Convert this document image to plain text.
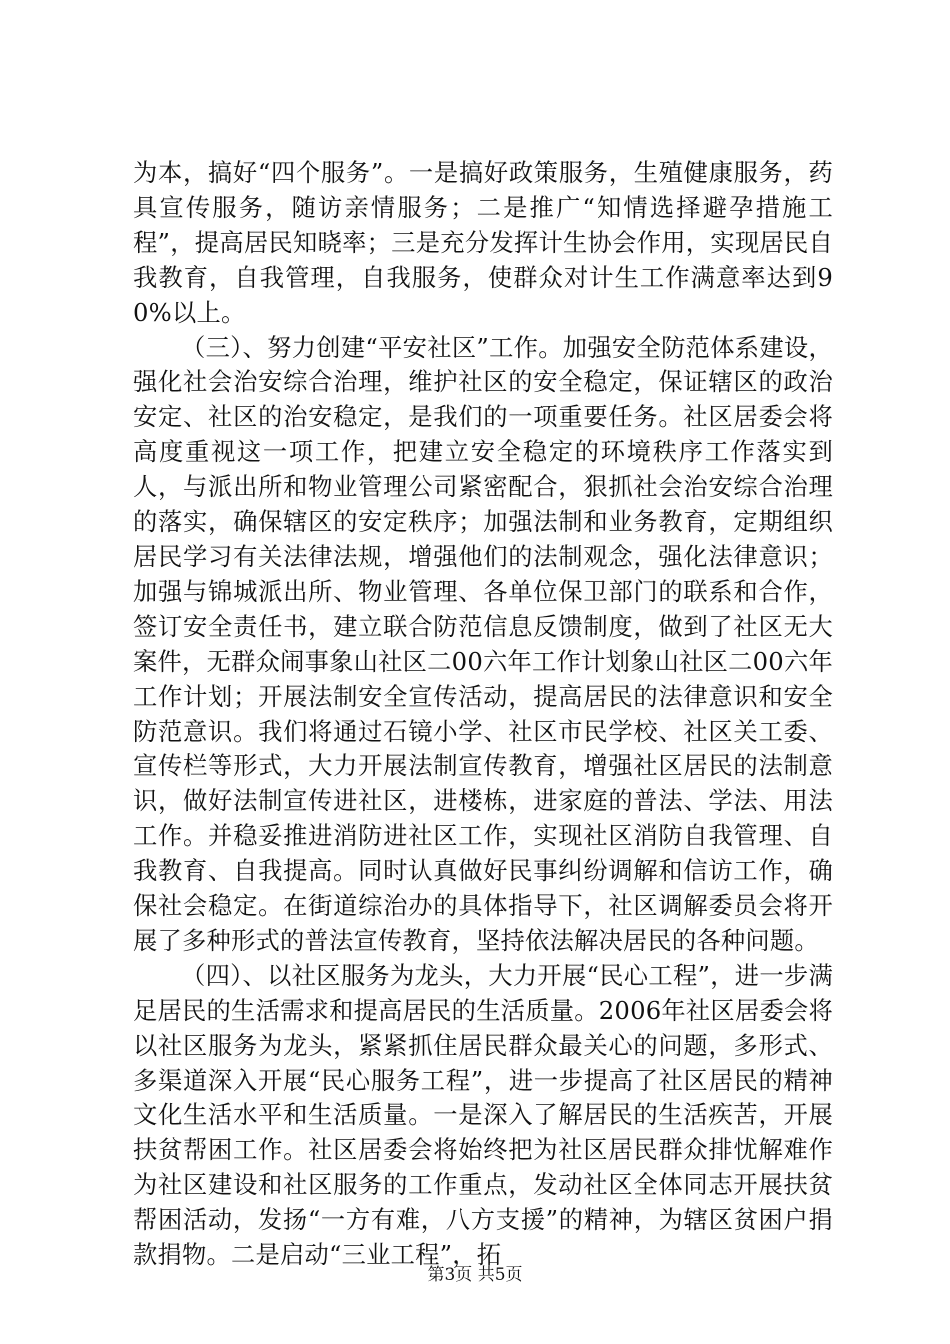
为本，搞好“四个服务”。一是搞好政策服务，生殖健康服务，药具宣传服务，随访亲情服务；二是推广“知情选择避孕措施工程”，提高居民知晓率；三是充分发挥计生协会作用，实现居民自我教育，自我管理，自我服务，使群众对计生工作满意率达到90%以上。

（三）、努力创建“平安社区”工作。加强安全防范体系建设，强化社会治安综合治理，维护社区的安全稳定，保证辖区的政治安定、社区的治安稳定，是我们的一项重要任务。社区居委会将高度重视这一项工作，把建立安全稳定的环境秩序工作落实到人，与派出所和物业管理公司紧密配合，狠抓社会治安综合治理的落实，确保辖区的安定秩序；加强法制和业务教育，定期组织居民学习有关法律法规，增强他们的法制观念，强化法律意识；加强与锦城派出所、物业管理、各单位保卫部门的联系和合作，签订安全责任书，建立联合防范信息反馈制度，做到了社区无大案件，无群众闹事象山社区二00六年工作计划象山社区二00六年工作计划；开展法制安全宣传活动，提高居民的法律意识和安全防范意识。我们将通过石镜小学、社区市民学校、社区关工委、宣传栏等形式，大力开展法制宣传教育，增强社区居民的法制意识，做好法制宣传进社区，进楼栋，进家庭的普法、学法、用法工作。并稳妥推进消防进社区工作，实现社区消防自我管理、自我教育、自我提高。同时认真做好民事纠纷调解和信访工作，确保社会稳定。在街道综治办的具体指导下，社区调解委员会将开展了多种形式的普法宣传教育，坚持依法解决居民的各种问题。

（四）、以社区服务为龙头，大力开展“民心工程”，进一步满足居民的生活需求和提高居民的生活质量。2006年社区居委会将以社区服务为龙头，紧紧抓住居民群众最关心的问题，多形式、多渠道深入开展“民心服务工程”，进一步提高了社区居民的精神文化生活水平和生活质量。一是深入了解居民的生活疾苦，开展扶贫帮困工作。社区居委会将始终把为社区居民群众排忧解难作为社区建设和社区服务的工作重点，发动社区全体同志开展扶贫帮困活动，发扬“一方有难，八方支援”的精神，为辖区贫困户捐款捐物。二是启动“三业工程”，拓

第3页 共5页
